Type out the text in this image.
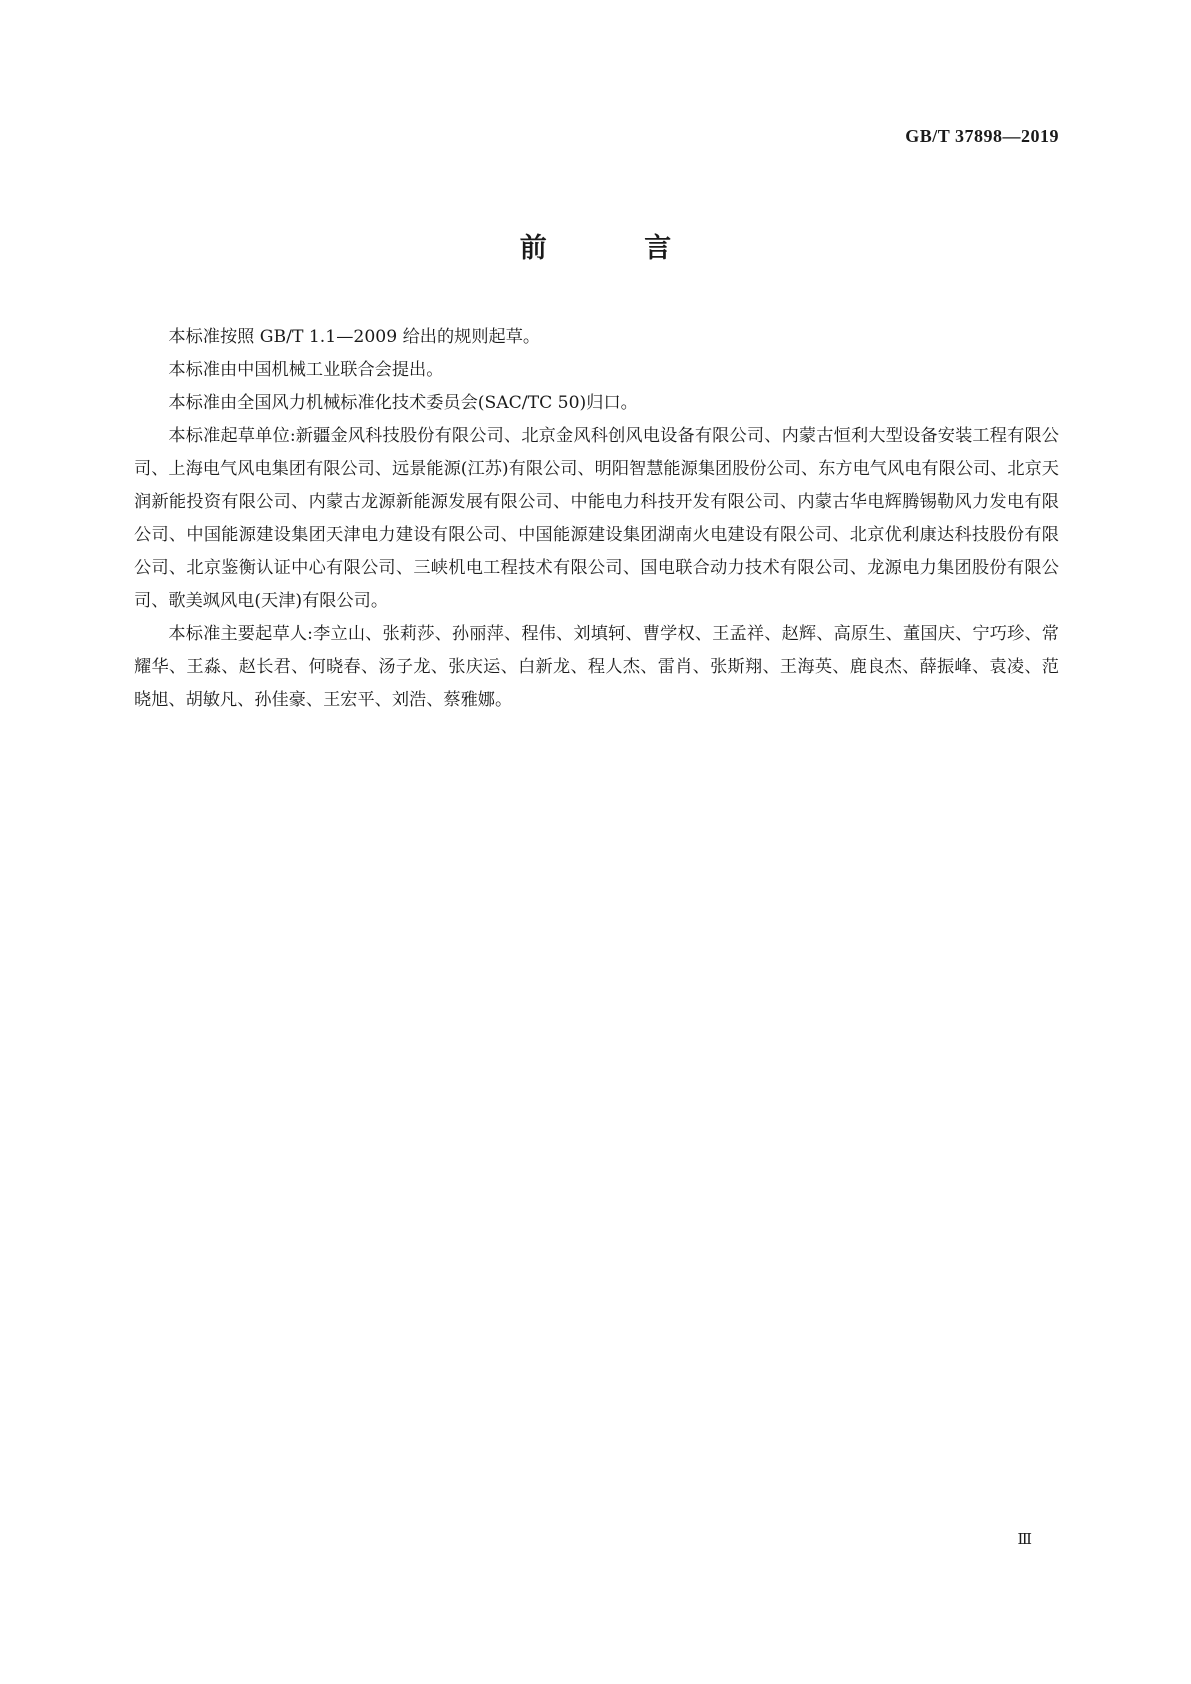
GB/T 37898—2019
前 言

本标准按照 GB/T 1.1—2009 给出的规则起草。

本标准由中国机械工业联合会提出。

本标准由全国风力机械标准化技术委员会(SAC/TC 50)归口。

本标准起草单位:新疆金风科技股份有限公司、北京金风科创风电设备有限公司、内蒙古恒利大型设备安装工程有限公司、上海电气风电集团有限公司、远景能源(江苏)有限公司、明阳智慧能源集团股份公司、东方电气风电有限公司、北京天润新能投资有限公司、内蒙古龙源新能源发展有限公司、中能电力科技开发有限公司、内蒙古华电辉腾锡勒风力发电有限公司、中国能源建设集团天津电力建设有限公司、中国能源建设集团湖南火电建设有限公司、北京优利康达科技股份有限公司、北京鉴衡认证中心有限公司、三峡机电工程技术有限公司、国电联合动力技术有限公司、龙源电力集团股份有限公司、歌美飒风电(天津)有限公司。

本标准主要起草人:李立山、张莉莎、孙丽萍、程伟、刘填轲、曹学权、王孟祥、赵辉、高原生、董国庆、宁巧珍、常耀华、王淼、赵长君、何晓春、汤子龙、张庆运、白新龙、程人杰、雷肖、张斯翔、王海英、鹿良杰、薛振峰、袁凌、范晓旭、胡敏凡、孙佳豪、王宏平、刘浩、蔡雅娜。

Ⅲ
